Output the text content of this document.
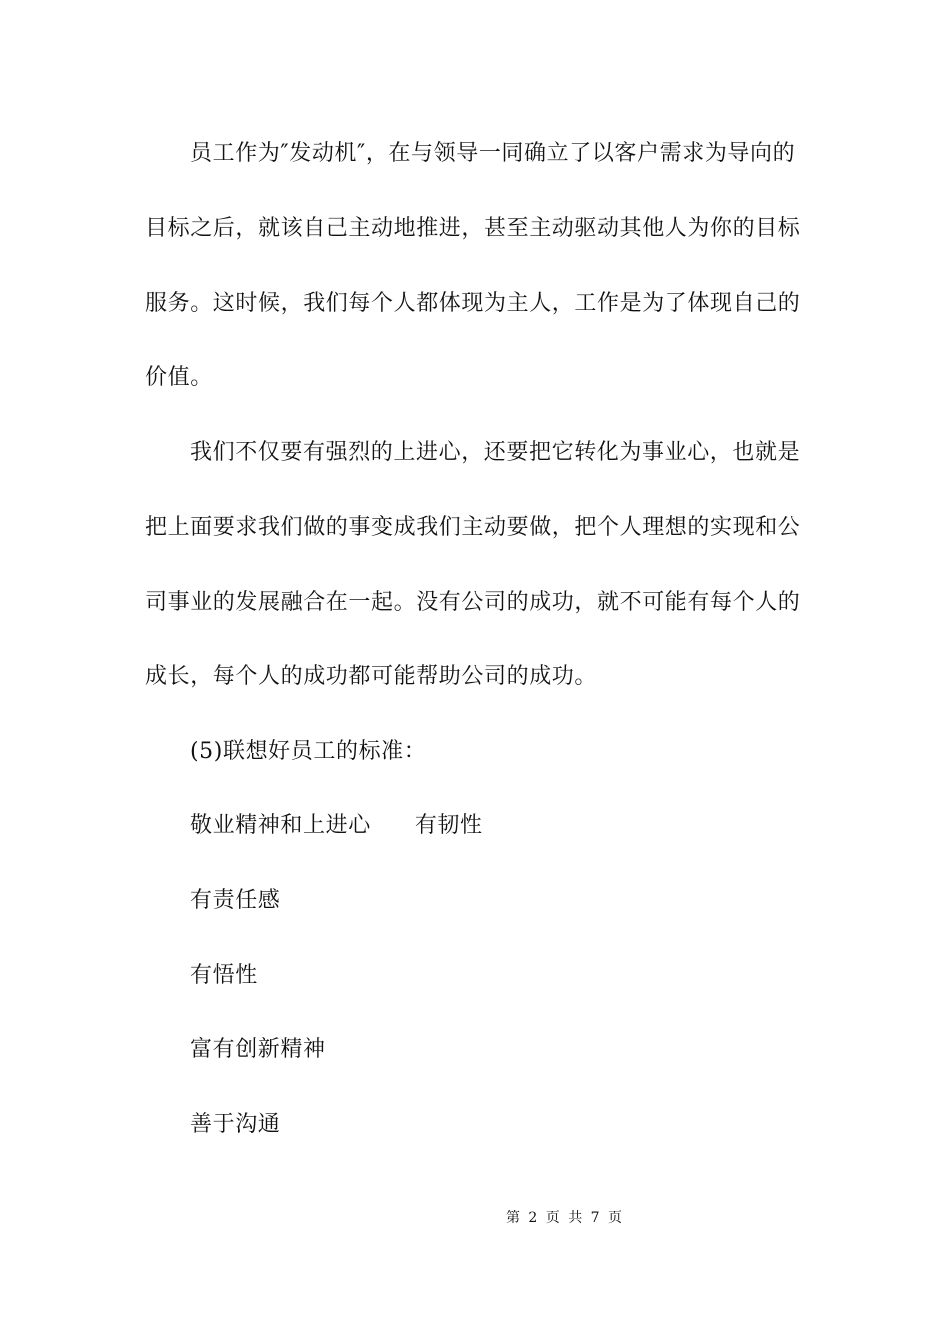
员工作为″发动机″，在与领导一同确立了以客户需求为导向的
目标之后，就该自己主动地推进，甚至主动驱动其他人为你的目标
服务。这时候，我们每个人都体现为主人，工作是为了体现自己的
价值。
我们不仅要有强烈的上进心，还要把它转化为事业心，也就是
把上面要求我们做的事变成我们主动要做，把个人理想的实现和公
司事业的发展融合在一起。没有公司的成功，就不可能有每个人的
成长，每个人的成功都可能帮助公司的成功。
(5)联想好员工的标准：
敬业精神和上进心 有韧性
有责任感
有悟性
富有创新精神
善于沟通
第 2 页 共 7 页
